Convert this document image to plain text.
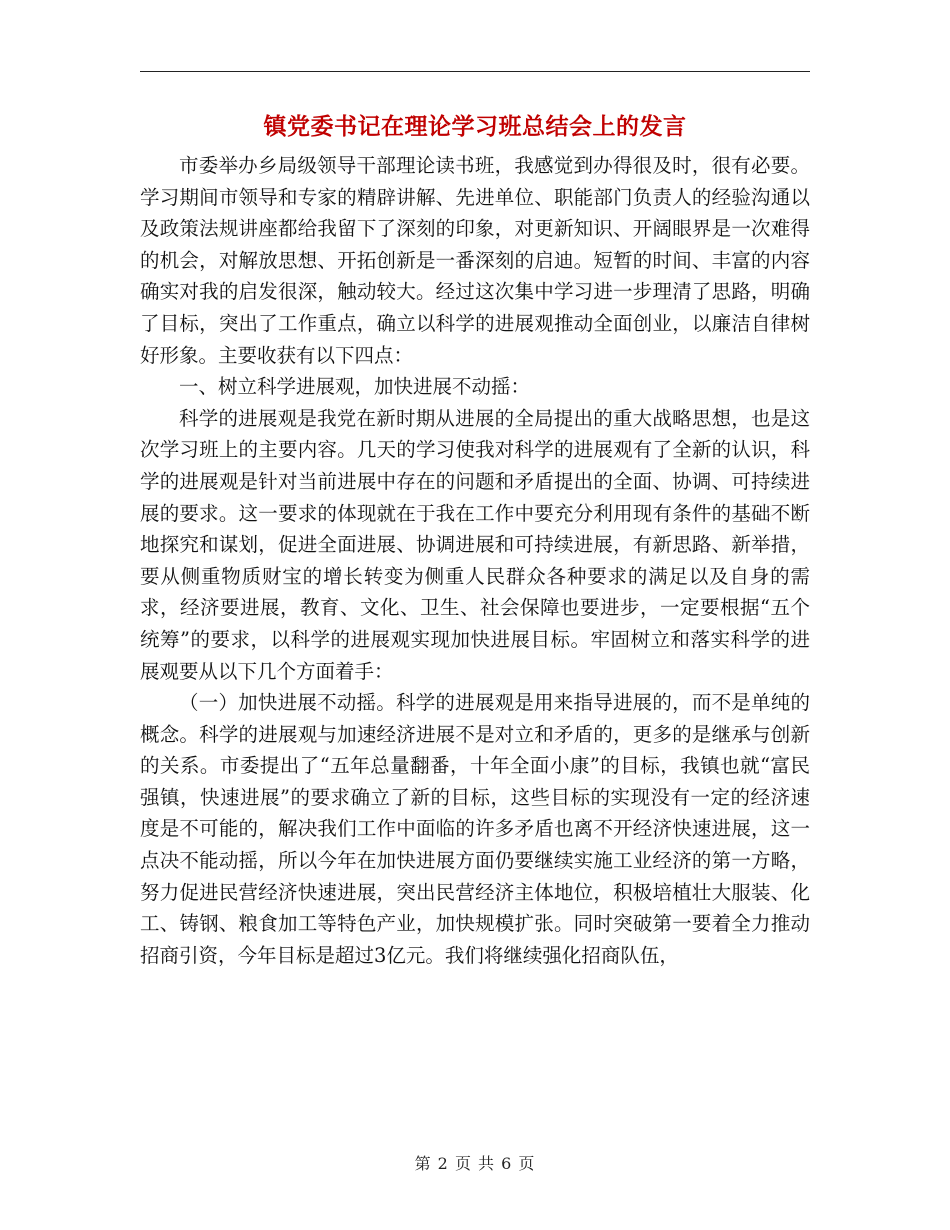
镇党委书记在理论学习班总结会上的发言

市委举办乡局级领导干部理论读书班，我感觉到办得很及时，很有必要。学习期间市领导和专家的精辟讲解、先进单位、职能部门负责人的经验沟通以及政策法规讲座都给我留下了深刻的印象，对更新知识、开阔眼界是一次难得的机会，对解放思想、开拓创新是一番深刻的启迪。短暂的时间、丰富的内容确实对我的启发很深，触动较大。经过这次集中学习进一步理清了思路，明确了目标，突出了工作重点，确立以科学的进展观推动全面创业，以廉洁自律树好形象。主要收获有以下四点：

一、树立科学进展观，加快进展不动摇：

科学的进展观是我党在新时期从进展的全局提出的重大战略思想，也是这次学习班上的主要内容。几天的学习使我对科学的进展观有了全新的认识，科学的进展观是针对当前进展中存在的问题和矛盾提出的全面、协调、可持续进展的要求。这一要求的体现就在于我在工作中要充分利用现有条件的基础不断地探究和谋划，促进全面进展、协调进展和可持续进展，有新思路、新举措，要从侧重物质财宝的增长转变为侧重人民群众各种要求的满足以及自身的需求，经济要进展，教育、文化、卫生、社会保障也要进步，一定要根据“五个统筹”的要求，以科学的进展观实现加快进展目标。牢固树立和落实科学的进展观要从以下几个方面着手：

（一）加快进展不动摇。科学的进展观是用来指导进展的，而不是单纯的概念。科学的进展观与加速经济进展不是对立和矛盾的，更多的是继承与创新的关系。市委提出了“五年总量翻番，十年全面小康”的目标，我镇也就“富民强镇，快速进展”的要求确立了新的目标，这些目标的实现没有一定的经济速度是不可能的，解决我们工作中面临的许多矛盾也离不开经济快速进展，这一点决不能动摇，所以今年在加快进展方面仍要继续实施工业经济的第一方略，努力促进民营经济快速进展，突出民营经济主体地位，积极培植壮大服装、化工、铸钢、粮食加工等特色产业，加快规模扩张。同时突破第一要着全力推动招商引资，今年目标是超过3亿元。我们将继续强化招商队伍，

第 2 页 共 6 页
